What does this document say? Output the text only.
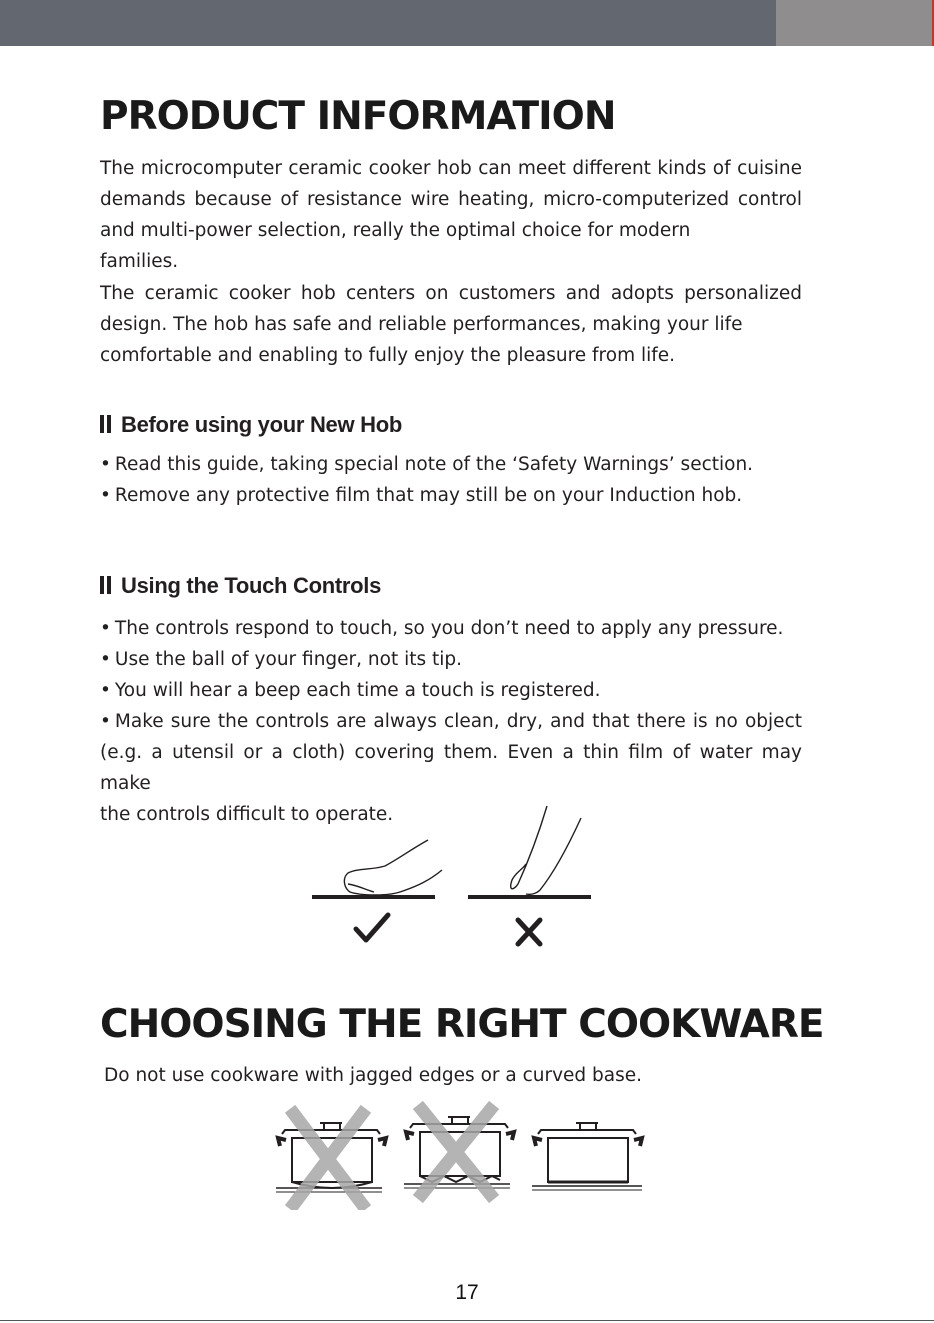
PRODUCT INFORMATION
The microcomputer ceramic cooker hob can meet different kinds of cuisine demands because of resistance wire heating, micro-computerized control and multi-power selection, really the optimal choice for modern
families.
The ceramic cooker hob centers on customers and adopts personalized design. The hob has safe and reliable performances, making your life
comfortable and enabling to fully enjoy the pleasure from life.
Before using your New Hob
• Read this guide, taking special note of the ‘Safety Warnings’ section.
• Remove any protective film that may still be on your Induction hob.
Using the Touch Controls
• The controls respond to touch, so you don’t need to apply any pressure.
• Use the ball of your finger, not its tip.
• You will hear a beep each time a touch is registered.
• Make sure the controls are always clean, dry, and that there is no object (e.g. a utensil or a cloth) covering them. Even a thin film of water may make
the controls difficult to operate.
CHOOSING THE RIGHT COOKWARE
Do not use cookware with jagged edges or a curved base.
17
